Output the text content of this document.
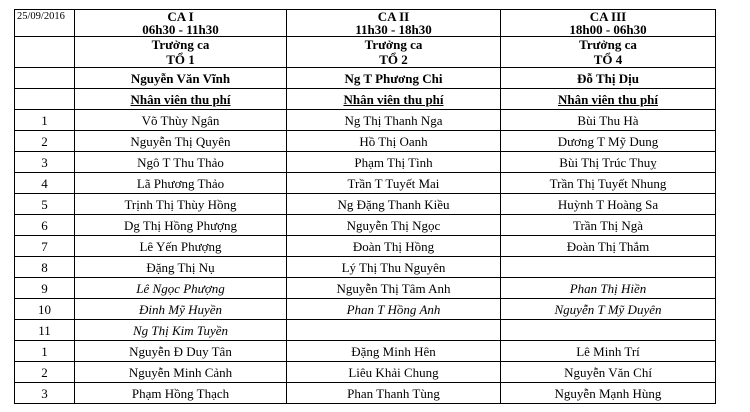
25/09/2016	CA I	CA II	CA III
	06h30 - 11h30	11h30 - 18h30	18h00 - 06h30
	Trưởng ca	Trưởng ca	Trưởng ca
	TỔ 1	TỔ 2	TỔ 4
	Nguyễn Văn Vĩnh	Ng T Phương Chi	Đỗ Thị Dịu
	Nhân viên thu phí	Nhân viên thu phí	Nhân viên thu phí
1	Võ Thùy Ngân	Ng Thị Thanh Nga	Bùi Thu Hà
2	Nguyễn Thị Quyên	Hồ Thị Oanh	Dương T Mỹ Dung
3	Ngô T Thu Thảo	Phạm Thị Tình	Bùi Thị Trúc Thuỵ
4	Lã Phương Thảo	Trần T Tuyết Mai	Trần Thị Tuyết Nhung
5	Trịnh Thị Thùy Hồng	Ng Đặng Thanh Kiều	Huỳnh T Hoàng Sa
6	Dg Thị Hồng Phượng	Nguyễn Thị Ngọc	Trần Thị Ngà
7	Lê Yến Phượng	Đoàn Thị Hồng	Đoàn Thị Thắm
8	Đặng Thị Nụ	Lý Thị Thu Nguyên	
9	Lê Ngọc Phượng	Nguyễn Thị Tâm Anh	Phan Thị Hiền
10	Đinh Mỹ Huyền	Phan T Hồng Anh	Nguyễn T Mỹ Duyên
11	Ng Thị Kim Tuyền		
1	Nguyễn Đ Duy Tân	Đặng Minh Hên	Lê Minh Trí
2	Nguyễn Minh Cảnh	Liêu Khải Chung	Nguyễn Văn Chí
3	Phạm Hồng Thạch	Phan Thanh Tùng	Nguyễn Mạnh Hùng
